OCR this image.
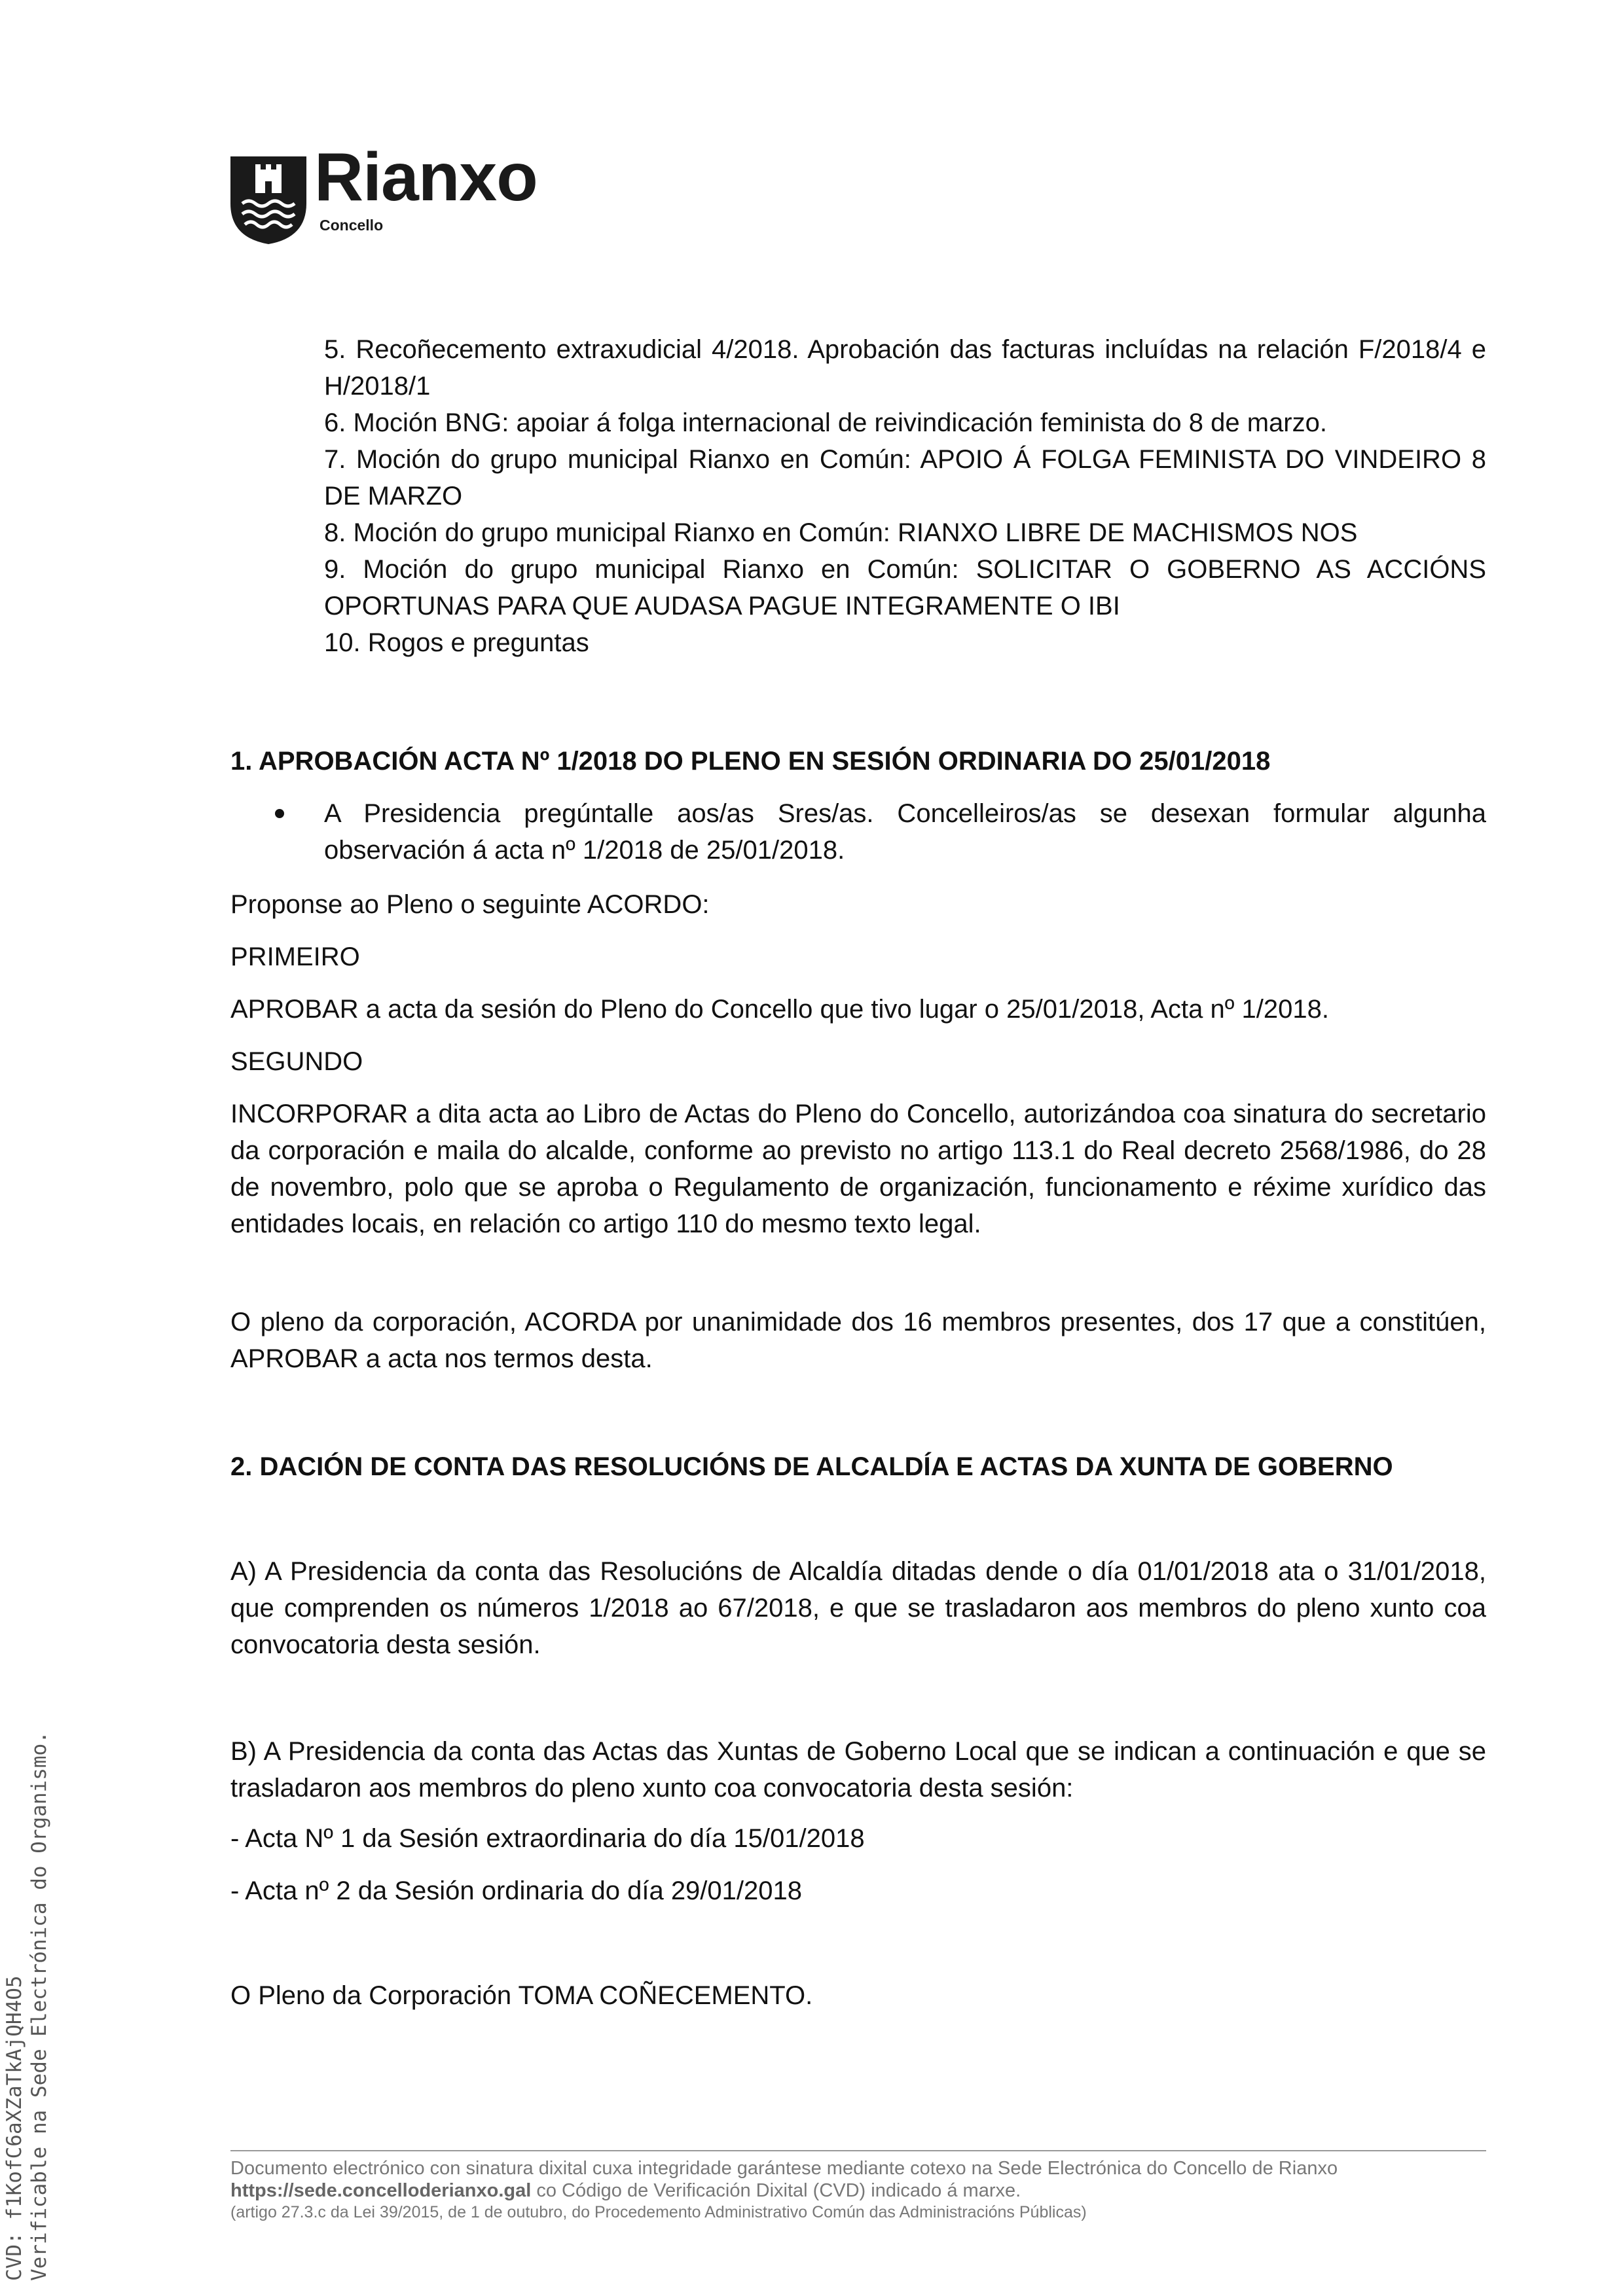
Rianxo
Concello
5. Recoñecemento extraxudicial 4/2018. Aprobación das facturas incluídas na relación F/2018/4 e H/2018/1
6. Moción BNG: apoiar á folga internacional de reivindicación feminista do 8 de marzo.
7. Moción do grupo municipal Rianxo en Común: APOIO Á FOLGA FEMINISTA DO VINDEIRO 8 DE MARZO
8. Moción do grupo municipal Rianxo en Común: RIANXO LIBRE DE MACHISMOS NOS
9. Moción do grupo municipal Rianxo en Común: SOLICITAR O GOBERNO AS ACCIÓNS OPORTUNAS PARA QUE AUDASA PAGUE INTEGRAMENTE O IBI
10. Rogos e preguntas
1. APROBACIÓN ACTA Nº 1/2018 DO PLENO EN SESIÓN ORDINARIA DO 25/01/2018
A Presidencia pregúntalle aos/as Sres/as. Concelleiros/as se desexan formular algunha observación á acta nº 1/2018 de 25/01/2018.
Proponse ao Pleno o seguinte ACORDO:
PRIMEIRO
APROBAR a acta da sesión do Pleno do Concello que tivo lugar o 25/01/2018, Acta nº 1/2018.
SEGUNDO
INCORPORAR a dita acta ao Libro de Actas do Pleno do Concello, autorizándoa coa sinatura do secretario da corporación e maila do alcalde, conforme ao previsto no artigo 113.1 do Real decreto 2568/1986, do 28 de novembro, polo que se aproba o Regulamento de organización, funcionamento e réxime xurídico das entidades locais, en relación co artigo 110 do mesmo texto legal.
O pleno da corporación, ACORDA por unanimidade dos 16 membros presentes, dos 17 que a constitúen, APROBAR a acta nos termos desta.
2. DACIÓN DE CONTA DAS RESOLUCIÓNS DE ALCALDÍA E ACTAS DA XUNTA DE GOBERNO
A) A Presidencia da conta das Resolucións de Alcaldía ditadas dende o día 01/01/2018 ata o 31/01/2018, que comprenden os números 1/2018 ao 67/2018, e que se trasladaron aos membros do pleno xunto coa convocatoria desta sesión.
B) A Presidencia da conta das Actas das Xuntas de Goberno Local que se indican a continuación e que se trasladaron aos membros do pleno xunto coa convocatoria desta sesión:
- Acta Nº 1 da Sesión extraordinaria do día 15/01/2018
- Acta nº 2 da Sesión ordinaria do día 29/01/2018
O Pleno da Corporación TOMA COÑECEMENTO.
Documento electrónico con sinatura dixital cuxa integridade garántese mediante cotexo na Sede Electrónica do Concello de Rianxo
https://sede.concelloderianxo.gal co Código de Verificación Dixital (CVD) indicado á marxe.
(artigo 27.3.c da Lei 39/2015, de 1 de outubro, do Procedemento Administrativo Común das Administracións Públicas)
CVD: f1KofC6aXZaTkAjQH4O5 Verificable na Sede Electrónica do Organismo.
